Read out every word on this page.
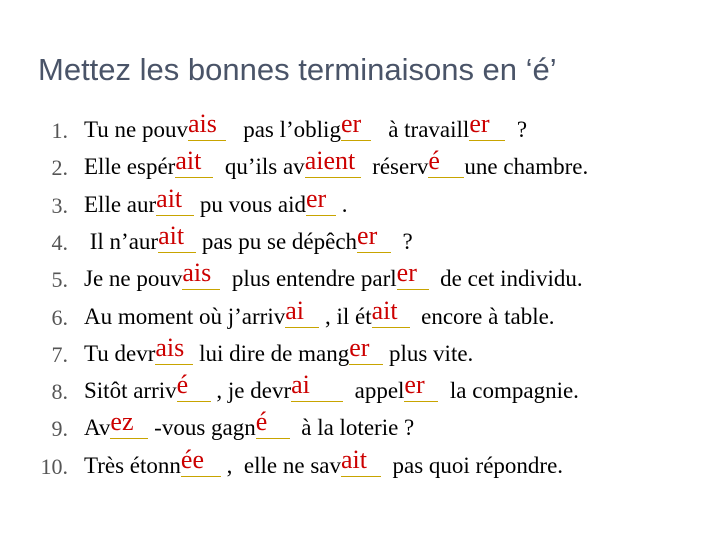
Mettez les bonnes terminaisons en ‘é’
1. Tu ne pouv ais pas l’oblig er à travaill er ?
2. Elle espér ait qu’ils av aient réserv é une chambre.
3. Elle aur ait pu vous aid er .
4. Il n’aur ait pas pu se dépêch er ?
5. Je ne pouv ais plus entendre parl er de cet individu.
6. Au moment où j’arriv ai , il ét ait encore à table.
7. Tu devr ais lui dire de mang er plus vite.
8. Sitôt arriv é , je devr ai appel er la compagnie.
9. Av ez -vous gagn é à la loterie ?
10. Très étonn ée ,  elle ne sav ait pas quoi répondre.
